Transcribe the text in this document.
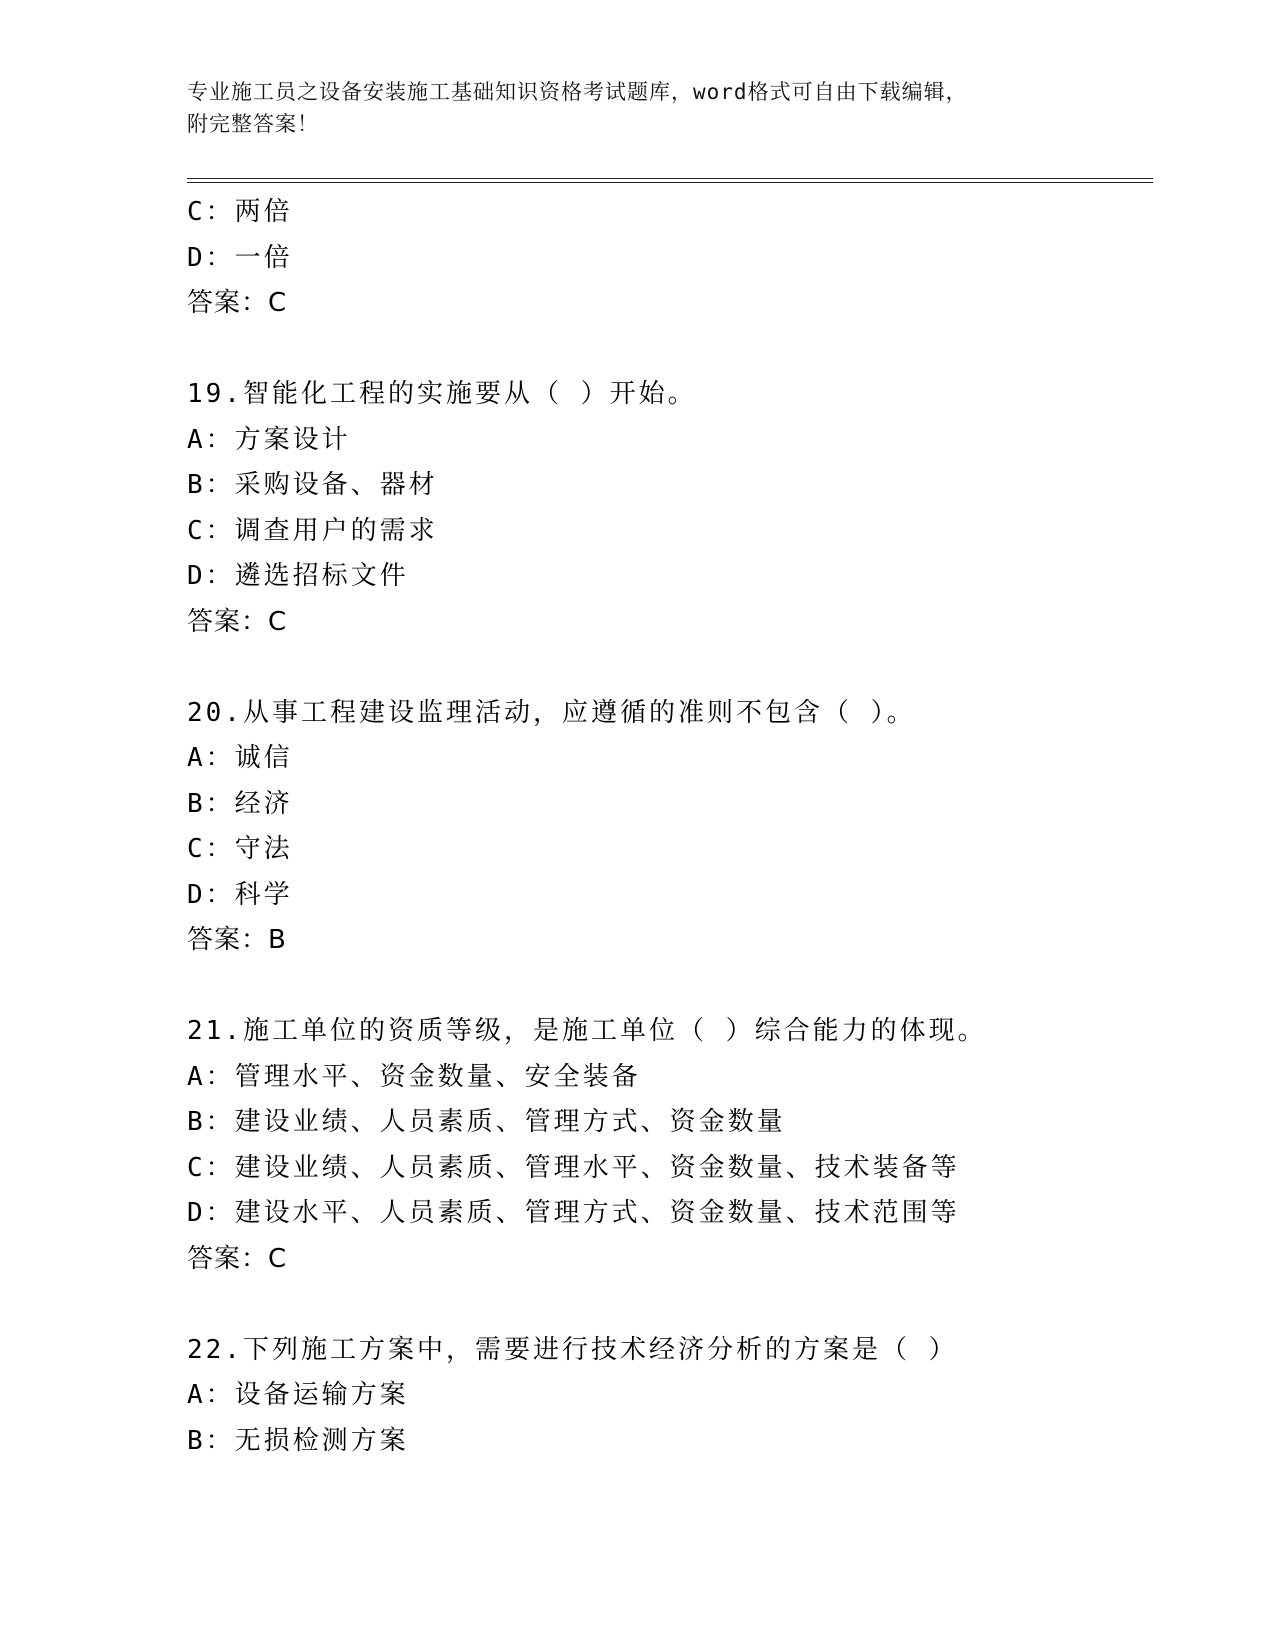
专业施工员之设备安装施工基础知识资格考试题库，word格式可自由下载编辑，
附完整答案！
C：两倍
D：一倍
答案：C
19.智能化工程的实施要从（ ）开始。
A：方案设计
B：采购设备、器材
C：调查用户的需求
D：遴选招标文件
答案：C
20.从事工程建设监理活动，应遵循的准则不包含（ ）。
A：诚信
B：经济
C：守法
D：科学
答案：B
21.施工单位的资质等级，是施工单位（ ）综合能力的体现。
A：管理水平、资金数量、安全装备
B：建设业绩、人员素质、管理方式、资金数量
C：建设业绩、人员素质、管理水平、资金数量、技术装备等
D：建设水平、人员素质、管理方式、资金数量、技术范围等
答案：C
22.下列施工方案中，需要进行技术经济分析的方案是（ ）
A：设备运输方案
B：无损检测方案
